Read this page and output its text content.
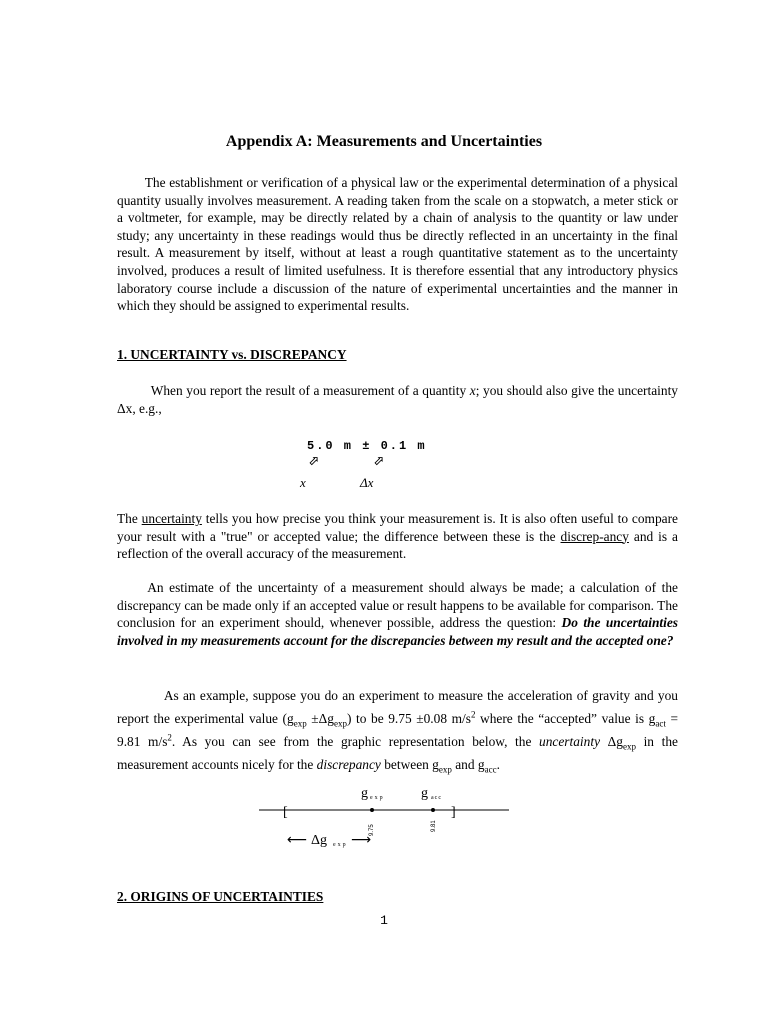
Appendix A: Measurements and Uncertainties

The establishment or verification of a physical law or the experimental determination of a physical quantity usually involves measurement. A reading taken from the scale on a stopwatch, a meter stick or a voltmeter, for example, may be directly related by a chain of analysis to the quantity or law under study; any uncertainty in these readings would thus be directly reflected in an uncertainty in the final result. A measurement by itself, without at least a rough quantitative statement as to the uncertainty involved, produces a result of limited usefulness. It is therefore essential that any introductory physics laboratory course include a discussion of the nature of experimental uncertainties and the manner in which they should be assigned to experimental results.

1. UNCERTAINTY vs. DISCREPANCY

When you report the result of a measurement of a quantity x; you should also give the uncertainty Δx, e.g.,

5.0 m ± 0.1 m
⬀	⬀
x	Δx

The uncertainty tells you how precise you think your measurement is. It is also often useful to compare your result with a "true" or accepted value; the difference between these is the discrep-ancy and is a reflection of the overall accuracy of the measurement.

An estimate of the uncertainty of a measurement should always be made; a calculation of the discrepancy can be made only if an accepted value or result happens to be available for comparison. The conclusion for an experiment should, whenever possible, address the question: Do the uncertainties involved in my measurements account for the discrepancies between my result and the accepted one?

As an example, suppose you do an experiment to measure the acceleration of gravity and you report the experimental value $(g_{exp} \pm\Delta g_{exp})$ to be 9.75 ±0.08 $m/s^2$ where the “accepted” value is $g_{act} = 9.81$ $m/s^2$. As you can see from the graphic representation below, the uncertainty $\Delta g_{exp}$ in the measurement accounts nicely for the discrepancy between $g_{exp}$ and $g_{acc}$.

[	]
g exp	g acc
9.75	9.81
⟵ Δg exp ⟶
2. ORIGINS OF UNCERTAINTIES
1
